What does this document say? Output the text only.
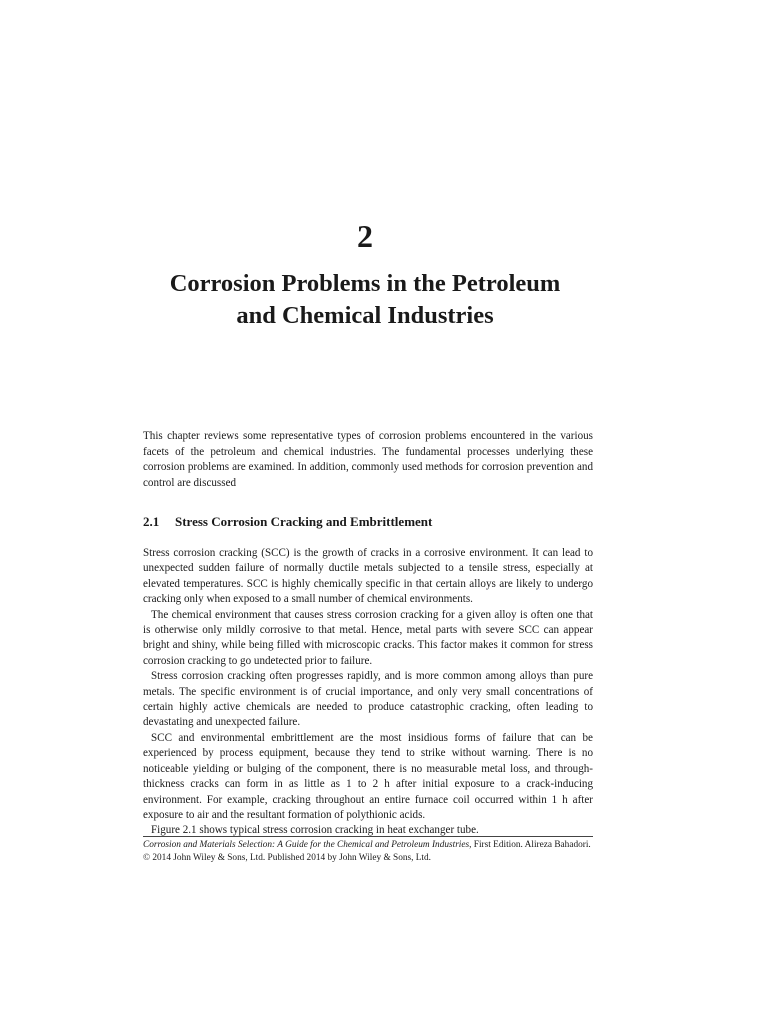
2
Corrosion Problems in the Petroleum
and Chemical Industries

This chapter reviews some representative types of corrosion problems encountered in the various facets of the petroleum and chemical industries. The fundamental processes underlying these corrosion problems are examined. In addition, commonly used methods for corrosion prevention and control are discussed

2.1 Stress Corrosion Cracking and Embrittlement

Stress corrosion cracking (SCC) is the growth of cracks in a corrosive environment. It can lead to unexpected sudden failure of normally ductile metals subjected to a tensile stress, especially at elevated temperatures. SCC is highly chemically specific in that certain alloys are likely to undergo cracking only when exposed to a small number of chemical environments.

The chemical environment that causes stress corrosion cracking for a given alloy is often one that is otherwise only mildly corrosive to that metal. Hence, metal parts with severe SCC can appear bright and shiny, while being filled with microscopic cracks. This factor makes it common for stress corrosion cracking to go undetected prior to failure.

Stress corrosion cracking often progresses rapidly, and is more common among alloys than pure metals. The specific environment is of crucial importance, and only very small concentrations of certain highly active chemicals are needed to produce catastrophic cracking, often leading to devastating and unexpected failure.

SCC and environmental embrittlement are the most insidious forms of failure that can be experienced by process equipment, because they tend to strike without warning. There is no noticeable yielding or bulging of the component, there is no measurable metal loss, and through-thickness cracks can form in as little as 1 to 2 h after initial exposure to a crack-inducing environment. For example, cracking throughout an entire furnace coil occurred within 1 h after exposure to air and the resultant formation of polythionic acids.

Figure 2.1 shows typical stress corrosion cracking in heat exchanger tube.

Corrosion and Materials Selection: A Guide for the Chemical and Petroleum Industries, First Edition. Alireza Bahadori.
© 2014 John Wiley & Sons, Ltd. Published 2014 by John Wiley & Sons, Ltd.
